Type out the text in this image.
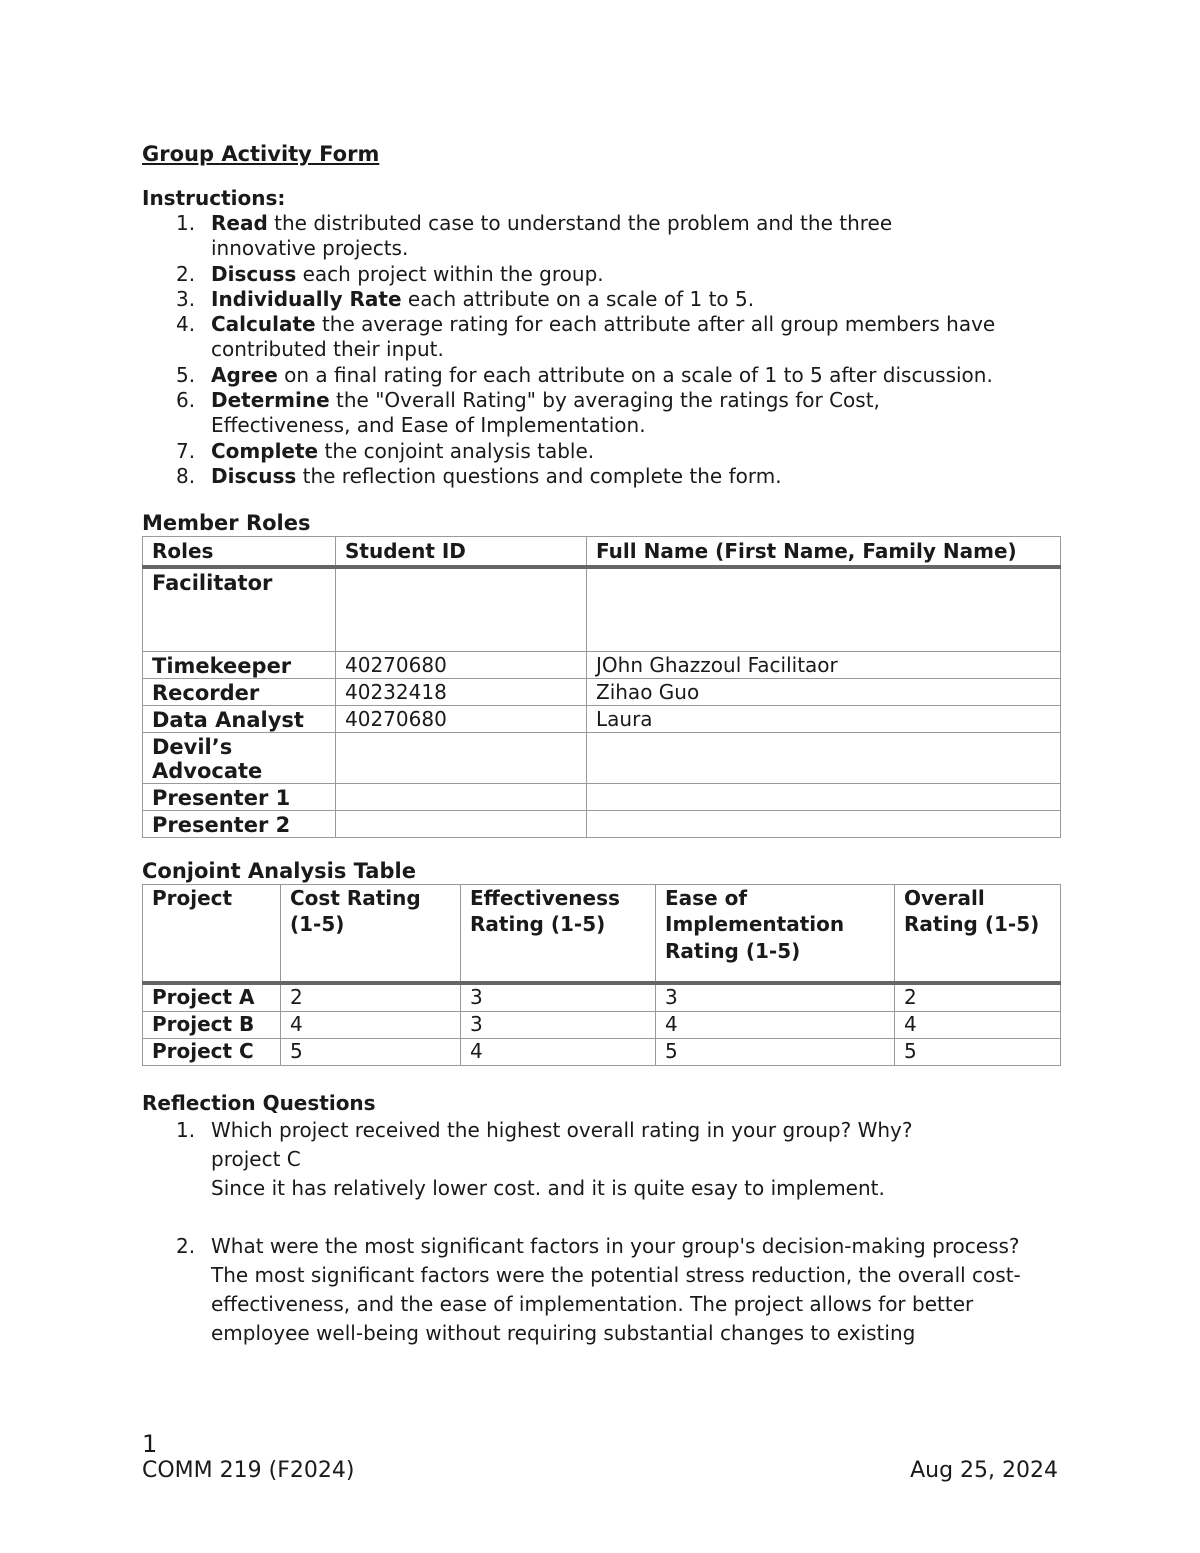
Group Activity Form

Instructions:

1. Read the distributed case to understand the problem and the three
innovative projects.
2. Discuss each project within the group.
3. Individually Rate each attribute on a scale of 1 to 5.
4. Calculate the average rating for each attribute after all group members have
contributed their input.
5. Agree on a final rating for each attribute on a scale of 1 to 5 after discussion.
6. Determine the "Overall Rating" by averaging the ratings for Cost,
Effectiveness, and Ease of Implementation.
7. Complete the conjoint analysis table.
8. Discuss the reflection questions and complete the form.

Member Roles

Roles	Student ID	Full Name (First Name, Family Name)
Facilitator		
Timekeeper	40270680	JOhn Ghazzoul Facilitaor
Recorder	40232418	Zihao Guo
Data Analyst	40270680	Laura
Devil’s Advocate		
Presenter 1		
Presenter 2		

Conjoint Analysis Table

Project	Cost Rating (1-5)	Effectiveness Rating (1-5)	Ease of Implementation Rating (1-5)	Overall Rating (1-5)
Project A	2	3	3	2
Project B	4	3	4	4
Project C	5	4	5	5

Reflection Questions

1. Which project received the highest overall rating in your group? Why?
project C
Since it has relatively lower cost. and it is quite esay to implement.
2. What were the most significant factors in your group's decision-making process?
The most significant factors were the potential stress reduction, the overall cost-effectiveness, and the ease of implementation. The project allows for better employee well-being without requiring substantial changes to existing
1
COMM 219 (F2024)	Aug 25, 2024
